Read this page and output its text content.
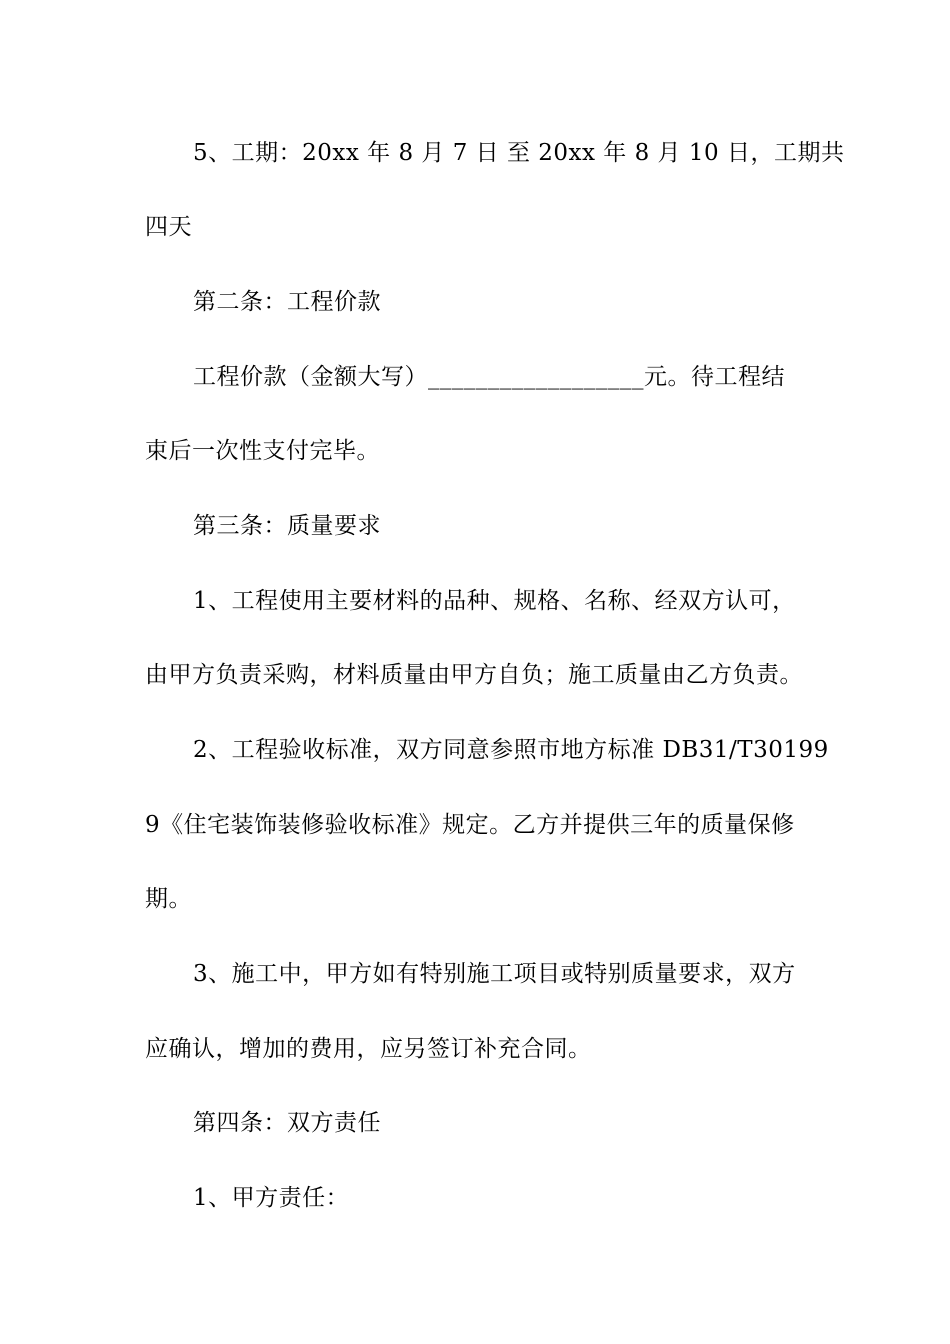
5、工期：20xx 年 8 月 7 日 至 20xx 年 8 月 10 日，工期共
四天
第二条：工程价款
工程价款（金额大写）__________________元。待工程结
束后一次性支付完毕。
第三条：质量要求
1、工程使用主要材料的品种、规格、名称、经双方认可，
由甲方负责采购，材料质量由甲方自负；施工质量由乙方负责。
2、工程验收标准，双方同意参照市地方标准 DB31/T30199
9《住宅装饰装修验收标准》规定。乙方并提供三年的质量保修
期。
3、施工中，甲方如有特别施工项目或特别质量要求，双方
应确认，增加的费用，应另签订补充合同。
第四条：双方责任
1、甲方责任：
